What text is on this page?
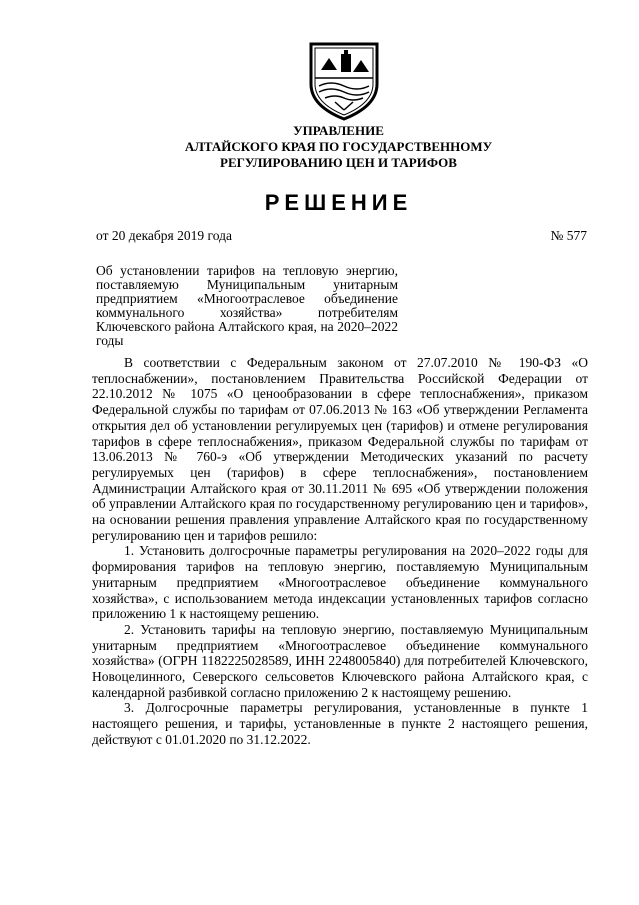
УПРАВЛЕНИЕ
АЛТАЙСКОГО КРАЯ ПО ГОСУДАРСТВЕННОМУ
РЕГУЛИРОВАНИЮ ЦЕН И ТАРИФОВ
РЕШЕНИЕ
от 20 декабря 2019 года	№ 577
Об установлении тарифов на тепловую энергию, поставляемую Муниципальным унитарным предприятием «Многоотраслевое объединение коммунального хозяйства» потребителям Ключевского района Алтайского края, на 2020–2022 годы

В соответствии с Федеральным законом от 27.07.2010 № 190-ФЗ «О теплоснабжении», постановлением Правительства Российской Федерации от 22.10.2012 № 1075 «О ценообразовании в сфере теплоснабжения», приказом Федеральной службы по тарифам от 07.06.2013 № 163 «Об утверждении Регламента открытия дел об установлении регулируемых цен (тарифов) и отмене регулирования тарифов в сфере теплоснабжения», приказом Федеральной службы по тарифам от 13.06.2013 № 760-э «Об утверждении Методических указаний по расчету регулируемых цен (тарифов) в сфере теплоснабжения», постановлением Администрации Алтайского края от 30.11.2011 № 695 «Об утверждении положения об управлении Алтайского края по государственному регулированию цен и тарифов», на основании решения правления управление Алтайского края по государственному регулированию цен и тарифов решило:

1. Установить долгосрочные параметры регулирования на 2020–2022 годы для формирования тарифов на тепловую энергию, поставляемую Муниципальным унитарным предприятием «Многоотраслевое объединение коммунального хозяйства», с использованием метода индексации установленных тарифов согласно приложению 1 к настоящему решению.

2. Установить тарифы на тепловую энергию, поставляемую Муниципальным унитарным предприятием «Многоотраслевое объединение коммунального хозяйства» (ОГРН 1182225028589, ИНН 2248005840) для потребителей Ключевского, Новоцелинного, Северского сельсоветов Ключевского района Алтайского края, с календарной разбивкой согласно приложению 2 к настоящему решению.

3. Долгосрочные параметры регулирования, установленные в пункте 1 настоящего решения, и тарифы, установленные в пункте 2 настоящего решения, действуют с 01.01.2020 по 31.12.2022.
